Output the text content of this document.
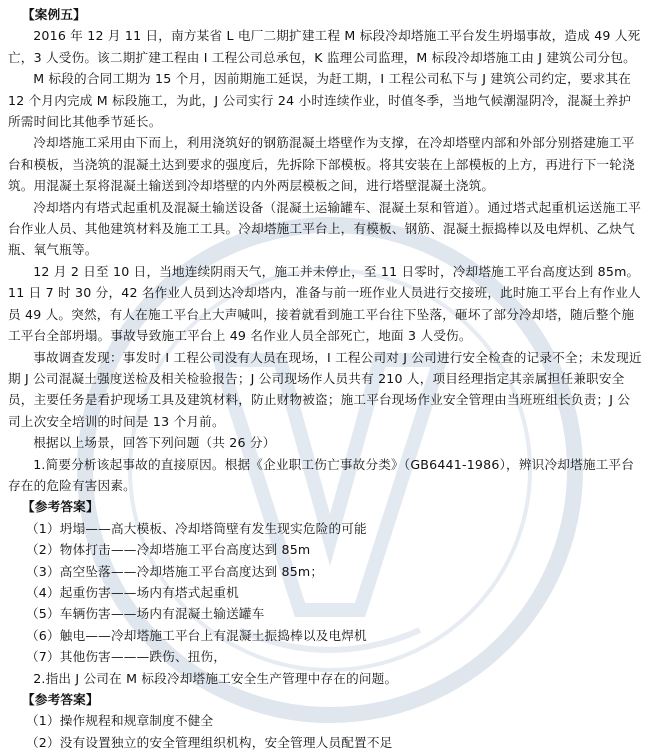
【案例五】

2016 年 12 月 11 日，南方某省 L 电厂二期扩建工程 M 标段冷却塔施工平台发生坍塌事故，造成 49 人死亡，3 人受伤。该二期扩建工程由 I 工程公司总承包，K 监理公司监理，M 标段冷却塔施工由 J 建筑公司分包。

M 标段的合同工期为 15 个月，因前期施工延误，为赶工期，I 工程公司私下与 J 建筑公司约定，要求其在 12 个月内完成 M 标段施工，为此，J 公司实行 24 小时连续作业，时值冬季，当地气候潮湿阴冷，混凝土养护所需时间比其他季节延长。

冷却塔施工采用由下而上，利用浇筑好的钢筋混凝土塔壁作为支撑，在冷却塔壁内部和外部分别搭建施工平台和模板，当浇筑的混凝土达到要求的强度后，先拆除下部模板。将其安装在上部模板的上方，再进行下一轮浇筑。用混凝土泵将混凝土输送到冷却塔壁的内外两层模板之间，进行塔壁混凝土浇筑。

冷却塔内有塔式起重机及混凝土输送设备（混凝土运输罐车、混凝土泵和管道）。通过塔式起重机运送施工平台作业人员、其他建筑材料及施工工具。冷却塔施工平台上，有模板、钢筋、混凝土振捣棒以及电焊机、乙炔气瓶、氧气瓶等。

12 月 2 日至 10 日，当地连续阴雨天气，施工并未停止，至 11 日零时，冷却塔施工平台高度达到 85m。11 日 7 时 30 分，42 名作业人员到达冷却塔内，准备与前一班作业人员进行交接班，此时施工平台上有作业人员 49 人。突然，有人在施工平台上大声喊叫，接着就看到施工平台往下坠落，砸坏了部分冷却塔，随后整个施工平台全部坍塌。事故导致施工平台上 49 名作业人员全部死亡，地面 3 人受伤。

事故调查发现：事发时 I 工程公司没有人员在现场，I 工程公司对 J 公司进行安全检查的记录不全；未发现近期 J 公司混凝土强度送检及相关检验报告；J 公司现场作人员共有 210 人，项目经理指定其亲属担任兼职安全员，主要任务是看护现场工具及建筑材料，防止财物被盗；施工平台现场作业安全管理由当班班组长负责；J 公司上次安全培训的时间是 13 个月前。

根据以上场景，回答下列问题（共 26 分）

1.简要分析该起事故的直接原因。根据《企业职工伤亡事故分类》（GB6441-1986），辨识冷却塔施工平台存在的危险有害因素。

【参考答案】

（1）坍塌——高大模板、冷却塔筒壁有发生现实危险的可能

（2）物体打击——冷却塔施工平台高度达到 85m

（3）高空坠落——冷却塔施工平台高度达到 85m；

（4）起重伤害——场内有塔式起重机

（5）车辆伤害——场内有混凝土输送罐车

（6）触电——冷却塔施工平台上有混凝土振捣棒以及电焊机

（7）其他伤害———跌伤、扭伤，

2.指出 J 公司在 M 标段冷却塔施工安全生产管理中存在的问题。

【参考答案】

（1）操作规程和规章制度不健全

（2）没有设置独立的安全管理组织机构，安全管理人员配置不足
